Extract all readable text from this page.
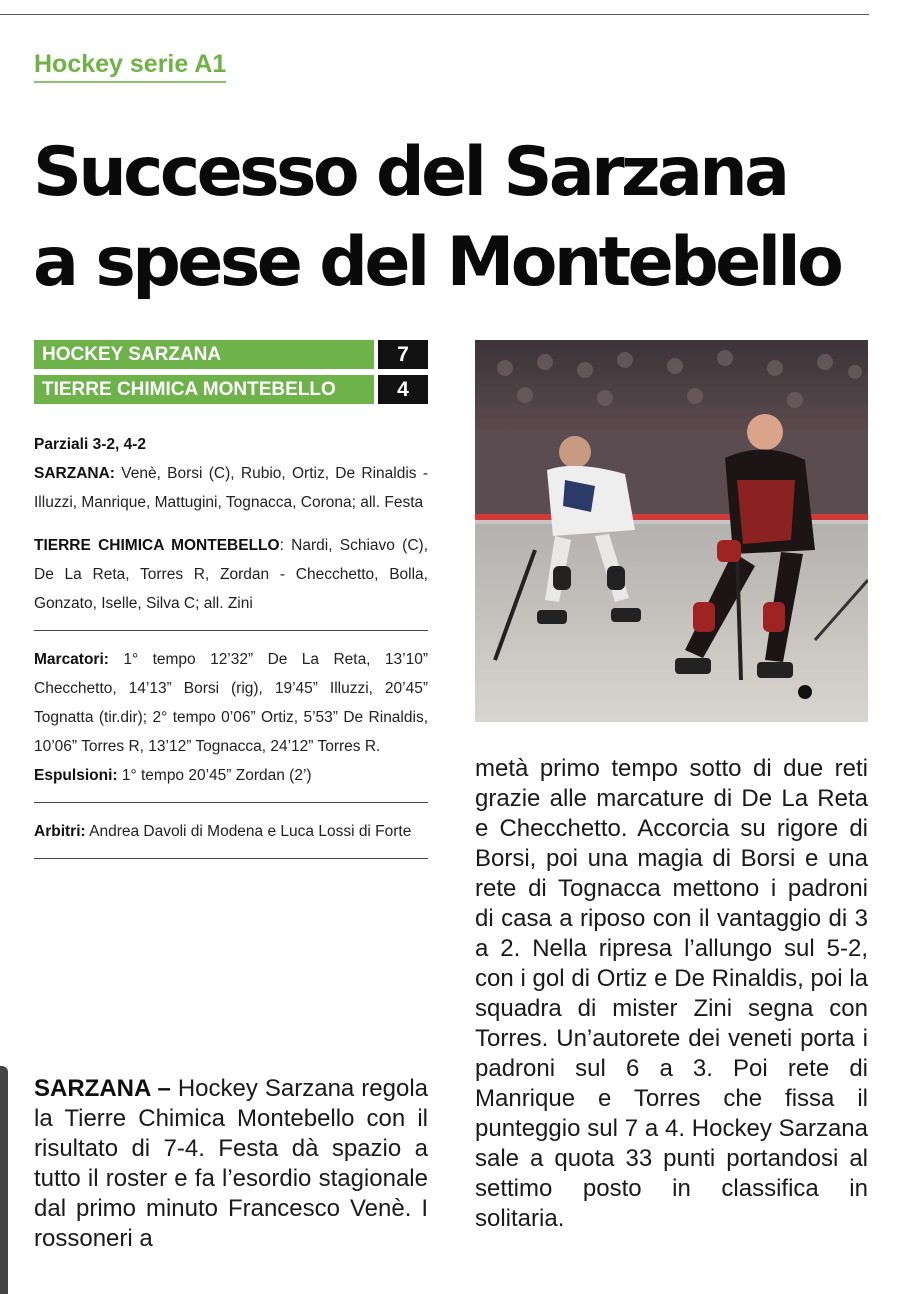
Hockey serie A1
Successo del Sarzana
a spese del Montebello
HOCKEY SARZANA	7
TIERRE CHIMICA MONTEBELLO	4

Parziali 3-2, 4-2

SARZANA: Venè, Borsi (C), Rubio, Ortiz, De Rinaldis - Illuzzi, Manrique, Mattugini, Tognacca, Corona; all. Festa

TIERRE CHIMICA MONTEBELLO: Nardi, Schiavo (C), De La Reta, Torres R, Zordan - Checchetto, Bolla, Gonzato, Iselle, Silva C; all. Zini

Marcatori: 1° tempo 12’32” De La Reta, 13’10” Checchetto, 14’13” Borsi (rig), 19’45” Illuzzi, 20’45” Tognatta (tir.dir); 2° tempo 0’06” Ortiz, 5’53” De Rinaldis, 10’06” Torres R, 13’12” Tognacca, 24’12” Torres R.

Espulsioni: 1° tempo 20’45” Zordan (2’)

Arbitri: Andrea Davoli di Modena e Luca Lossi di Forte

SARZANA – Hockey Sarzana regola la Tierre Chimica Montebello con il risultato di 7-4. Festa dà spazio a tutto il roster e fa l’esordio stagionale dal primo minuto Francesco Venè. I rossoneri a

metà primo tempo sotto di due reti grazie alle marcature di De La Reta e Checchetto. Accorcia su rigore di Borsi, poi una magia di Borsi e una rete di Tognacca mettono i padroni di casa a riposo con il vantaggio di 3 a 2. Nella ripresa l’allungo sul 5-2, con i gol di Ortiz e De Rinaldis, poi la squadra di mister Zini segna con Torres. Un’autorete dei veneti porta i padroni sul 6 a 3. Poi rete di Manrique e Torres che fissa il punteggio sul 7 a 4. Hockey Sarzana sale a quota 33 punti portandosi al settimo posto in classifica in solitaria.
